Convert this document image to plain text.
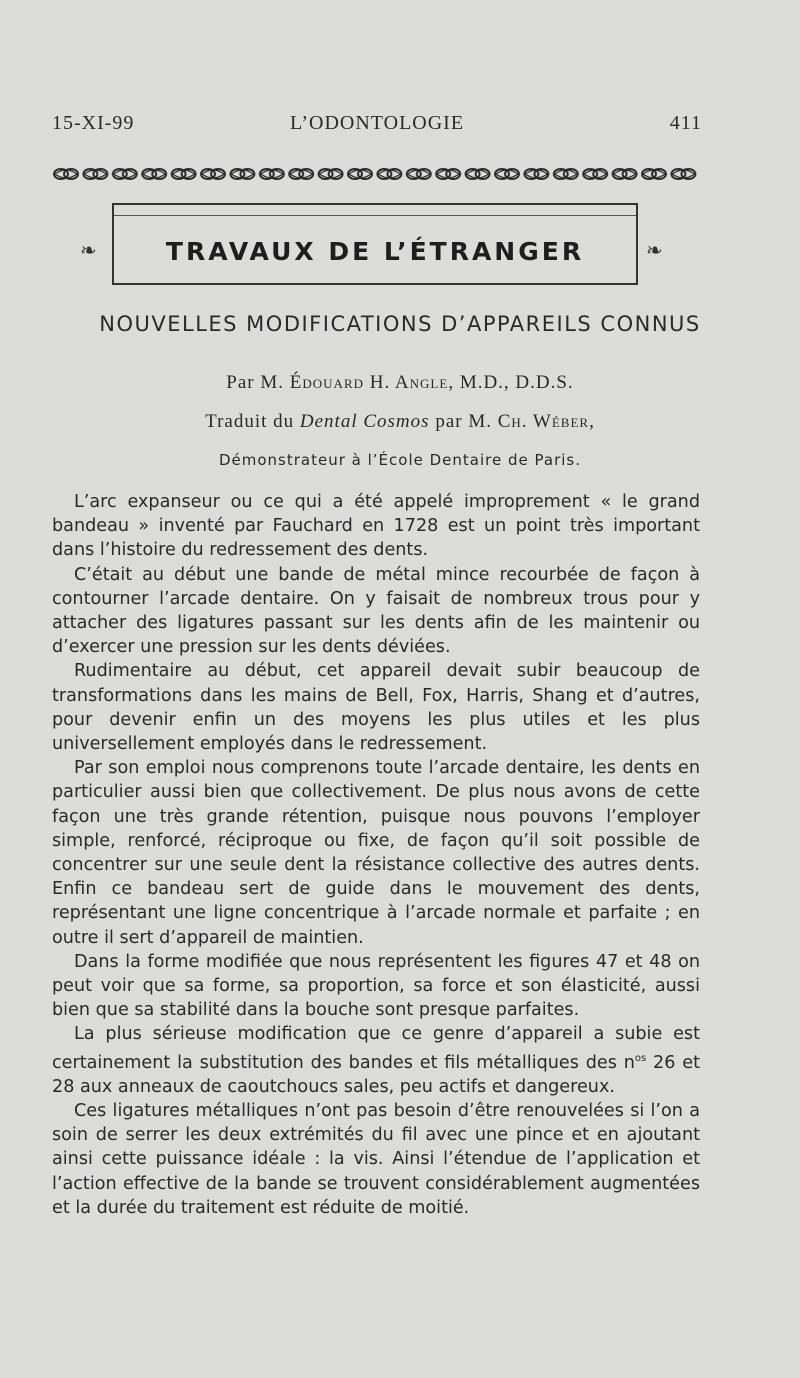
15-XI-99	L’ODONTOLOGIE	411
❧	TRAVAUX DE L’ÉTRANGER	❧
NOUVELLES MODIFICATIONS D’APPAREILS CONNUS
Par M. Édouard H. Angle, M.D., D.D.S.
Traduit du Dental Cosmos par M. Ch. Wéber,
Démonstrateur à l’École Dentaire de Paris.

L’arc expanseur ou ce qui a été appelé improprement « le grand bandeau » inventé par Fauchard en 1728 est un point très important dans l’histoire du redressement des dents.

C’était au début une bande de métal mince recourbée de façon à contourner l’arcade dentaire. On y faisait de nombreux trous pour y attacher des ligatures passant sur les dents afin de les maintenir ou d’exercer une pression sur les dents déviées.

Rudimentaire au début, cet appareil devait subir beaucoup de transformations dans les mains de Bell, Fox, Harris, Shang et d’autres, pour devenir enfin un des moyens les plus utiles et les plus universellement employés dans le redressement.

Par son emploi nous comprenons toute l’arcade dentaire, les dents en particulier aussi bien que collectivement. De plus nous avons de cette façon une très grande rétention, puisque nous pouvons l’employer simple, renforcé, réciproque ou fixe, de façon qu’il soit possible de concentrer sur une seule dent la résistance collective des autres dents. Enfin ce bandeau sert de guide dans le mouvement des dents, représentant une ligne concentrique à l’arcade normale et parfaite ; en outre il sert d’appareil de maintien.

Dans la forme modifiée que nous représentent les figures 47 et 48 on peut voir que sa forme, sa proportion, sa force et son élasticité, aussi bien que sa stabilité dans la bouche sont presque parfaites.

La plus sérieuse modification que ce genre d’appareil a subie est certainement la substitution des bandes et fils métalliques des $n^{os}$ 26 et 28 aux anneaux de caoutchoucs sales, peu actifs et dangereux.

Ces ligatures métalliques n’ont pas besoin d’être renouvelées si l’on a soin de serrer les deux extrémités du fil avec une pince et en ajoutant ainsi cette puissance idéale : la vis. Ainsi l’étendue de l’application et l’action effective de la bande se trouvent considérablement augmentées et la durée du traitement est réduite de moitié.
